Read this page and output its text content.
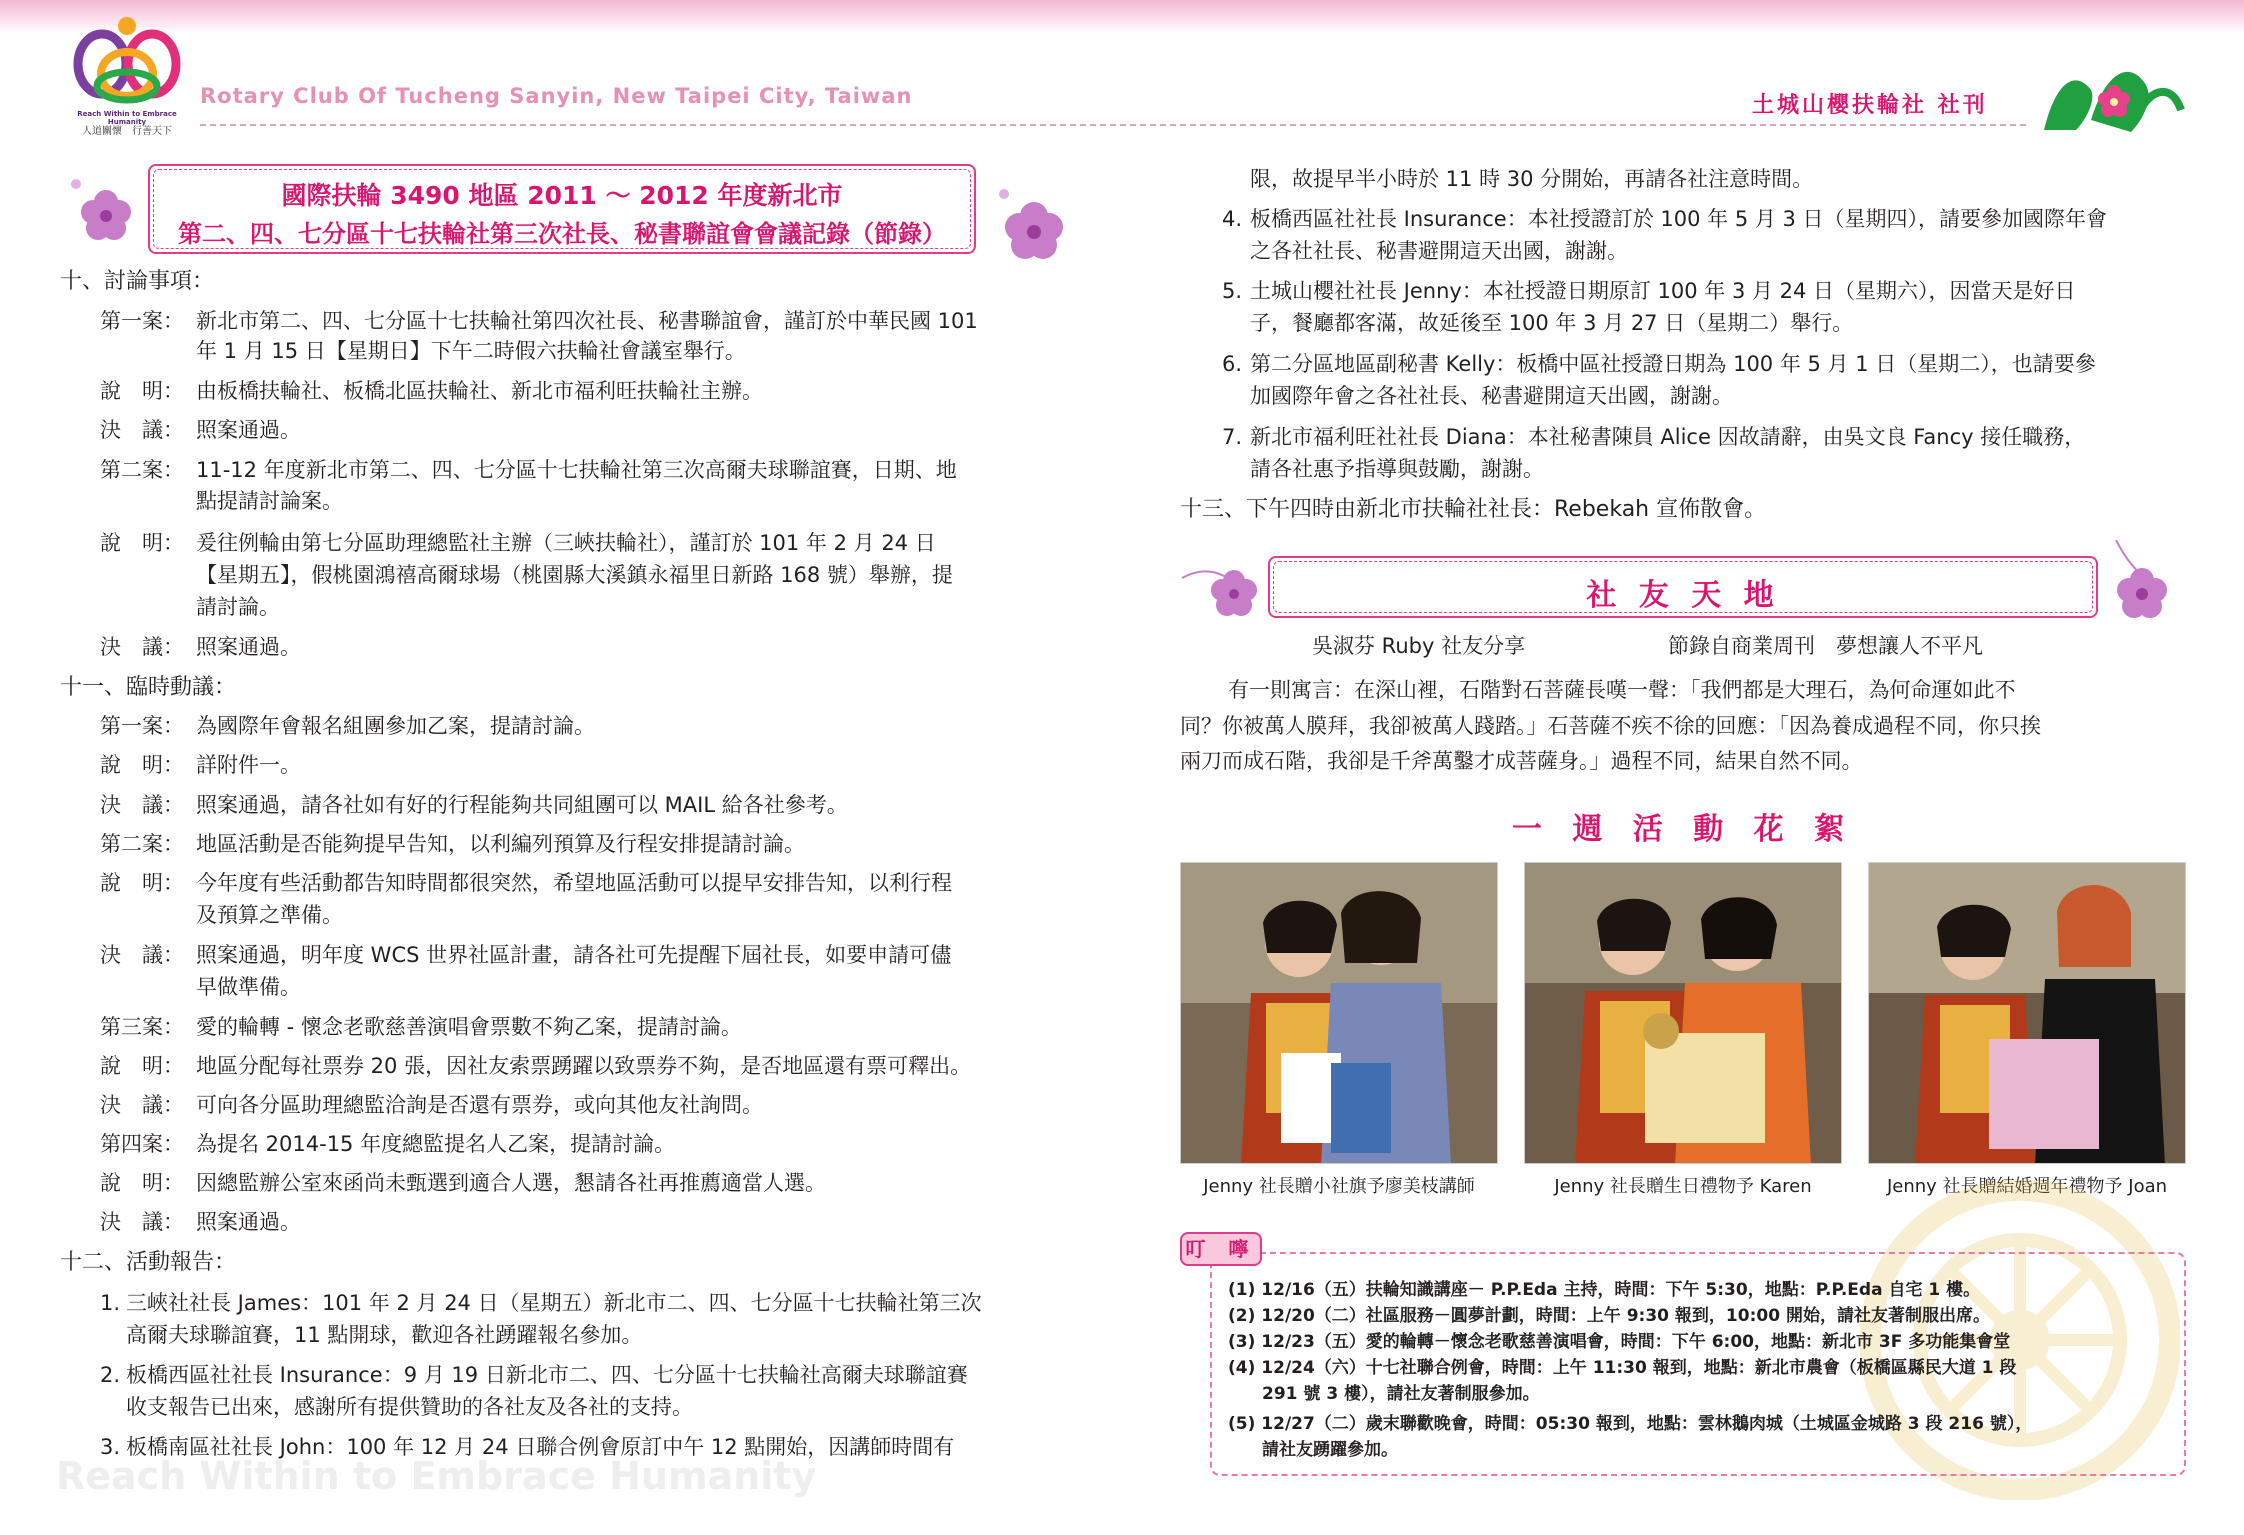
Reach Within to Embrace Humanity
人道關懷　行善天下
Rotary Club Of Tucheng Sanyin, New Taipei City, Taiwan	土城山櫻扶輪社 社刊
國際扶輪 3490 地區 2011 ～ 2012 年度新北市
第二、四、七分區十七扶輪社第三次社長、秘書聯誼會會議記錄（節錄）
十、討論事項：
第一案： 新北市第二、四、七分區十七扶輪社第四次社長、秘書聯誼會，謹訂於中華民國 101
年 1 月 15 日【星期日】下午二時假六扶輪社會議室舉行。
說　明： 由板橋扶輪社、板橋北區扶輪社、新北市福利旺扶輪社主辦。
決　議： 照案通過。
第二案： 11-12 年度新北市第二、四、七分區十七扶輪社第三次高爾夫球聯誼賽，日期、地
點提請討論案。
說　明： 爰往例輪由第七分區助理總監社主辦（三峽扶輪社），謹訂於 101 年 2 月 24 日
【星期五】，假桃園鴻禧高爾球場（桃園縣大溪鎮永福里日新路 168 號）舉辦，提
請討論。
決　議： 照案通過。
十一、臨時動議：
第一案： 為國際年會報名組團參加乙案，提請討論。
說　明： 詳附件一。
決　議： 照案通過，請各社如有好的行程能夠共同組團可以 MAIL 給各社參考。
第二案： 地區活動是否能夠提早告知，以利編列預算及行程安排提請討論。
說　明： 今年度有些活動都告知時間都很突然，希望地區活動可以提早安排告知，以利行程
及預算之準備。
決　議： 照案通過，明年度 WCS 世界社區計畫，請各社可先提醒下屆社長，如要申請可儘
早做準備。
第三案： 愛的輪轉 - 懷念老歌慈善演唱會票數不夠乙案，提請討論。
說　明： 地區分配每社票券 20 張，因社友索票踴躍以致票券不夠，是否地區還有票可釋出。
決　議： 可向各分區助理總監洽詢是否還有票券，或向其他友社詢問。
第四案： 為提名 2014-15 年度總監提名人乙案，提請討論。
說　明： 因總監辦公室來函尚未甄選到適合人選，懇請各社再推薦適當人選。
決　議： 照案通過。
十二、活動報告：
1. 三峽社社長 James：101 年 2 月 24 日（星期五）新北市二、四、七分區十七扶輪社第三次
高爾夫球聯誼賽，11 點開球，歡迎各社踴躍報名參加。
2. 板橋西區社社長 Insurance：9 月 19 日新北市二、四、七分區十七扶輪社高爾夫球聯誼賽
收支報告已出來，感謝所有提供贊助的各社友及各社的支持。
3. 板橋南區社社長 John：100 年 12 月 24 日聯合例會原訂中午 12 點開始，因講師時間有
限，故提早半小時於 11 時 30 分開始，再請各社注意時間。
4. 板橋西區社社長 Insurance：本社授證訂於 100 年 5 月 3 日（星期四），請要參加國際年會
之各社社長、秘書避開這天出國，謝謝。
5. 土城山櫻社社長 Jenny：本社授證日期原訂 100 年 3 月 24 日（星期六），因當天是好日
子，餐廳都客滿，故延後至 100 年 3 月 27 日（星期二）舉行。
6. 第二分區地區副秘書 Kelly：板橋中區社授證日期為 100 年 5 月 1 日（星期二），也請要參
加國際年會之各社社長、秘書避開這天出國，謝謝。
7. 新北市福利旺社社長 Diana：本社秘書陳員 Alice 因故請辭，由吳文良 Fancy 接任職務，
請各社惠予指導與鼓勵，謝謝。
十三、下午四時由新北市扶輪社社長：Rebekah 宣佈散會。
社 友 天 地
吳淑芬 Ruby 社友分享	節錄自商業周刊　夢想讓人不平凡
有一則寓言：在深山裡，石階對石菩薩長嘆一聲：「我們都是大理石，為何命運如此不
同？你被萬人膜拜，我卻被萬人踐踏。」石菩薩不疾不徐的回應：「因為養成過程不同，你只挨
兩刀而成石階，我卻是千斧萬鑿才成菩薩身。」過程不同，結果自然不同。
一 週 活 動 花 絮
Jenny 社長贈小社旗予廖美枝講師	Jenny 社長贈生日禮物予 Karen	Jenny 社長贈結婚週年禮物予 Joan
叮 嚀
(1) 12/16（五）扶輪知識講座－ P.P.Eda 主持，時間：下午 5:30，地點：P.P.Eda 自宅 1 樓。
(2) 12/20（二）社區服務－圓夢計劃，時間：上午 9:30 報到，10:00 開始，請社友著制服出席。
(3) 12/23（五）愛的輪轉－懷念老歌慈善演唱會，時間：下午 6:00，地點：新北市 3F 多功能集會堂
(4) 12/24（六）十七社聯合例會，時間：上午 11:30 報到，地點：新北市農會（板橋區縣民大道 1 段
291 號 3 樓），請社友著制服參加。
(5) 12/27（二）歲末聯歡晚會，時間：05:30 報到，地點：雲林鵝肉城（土城區金城路 3 段 216 號），
請社友踴躍參加。
Reach Within to Embrace Humanity
